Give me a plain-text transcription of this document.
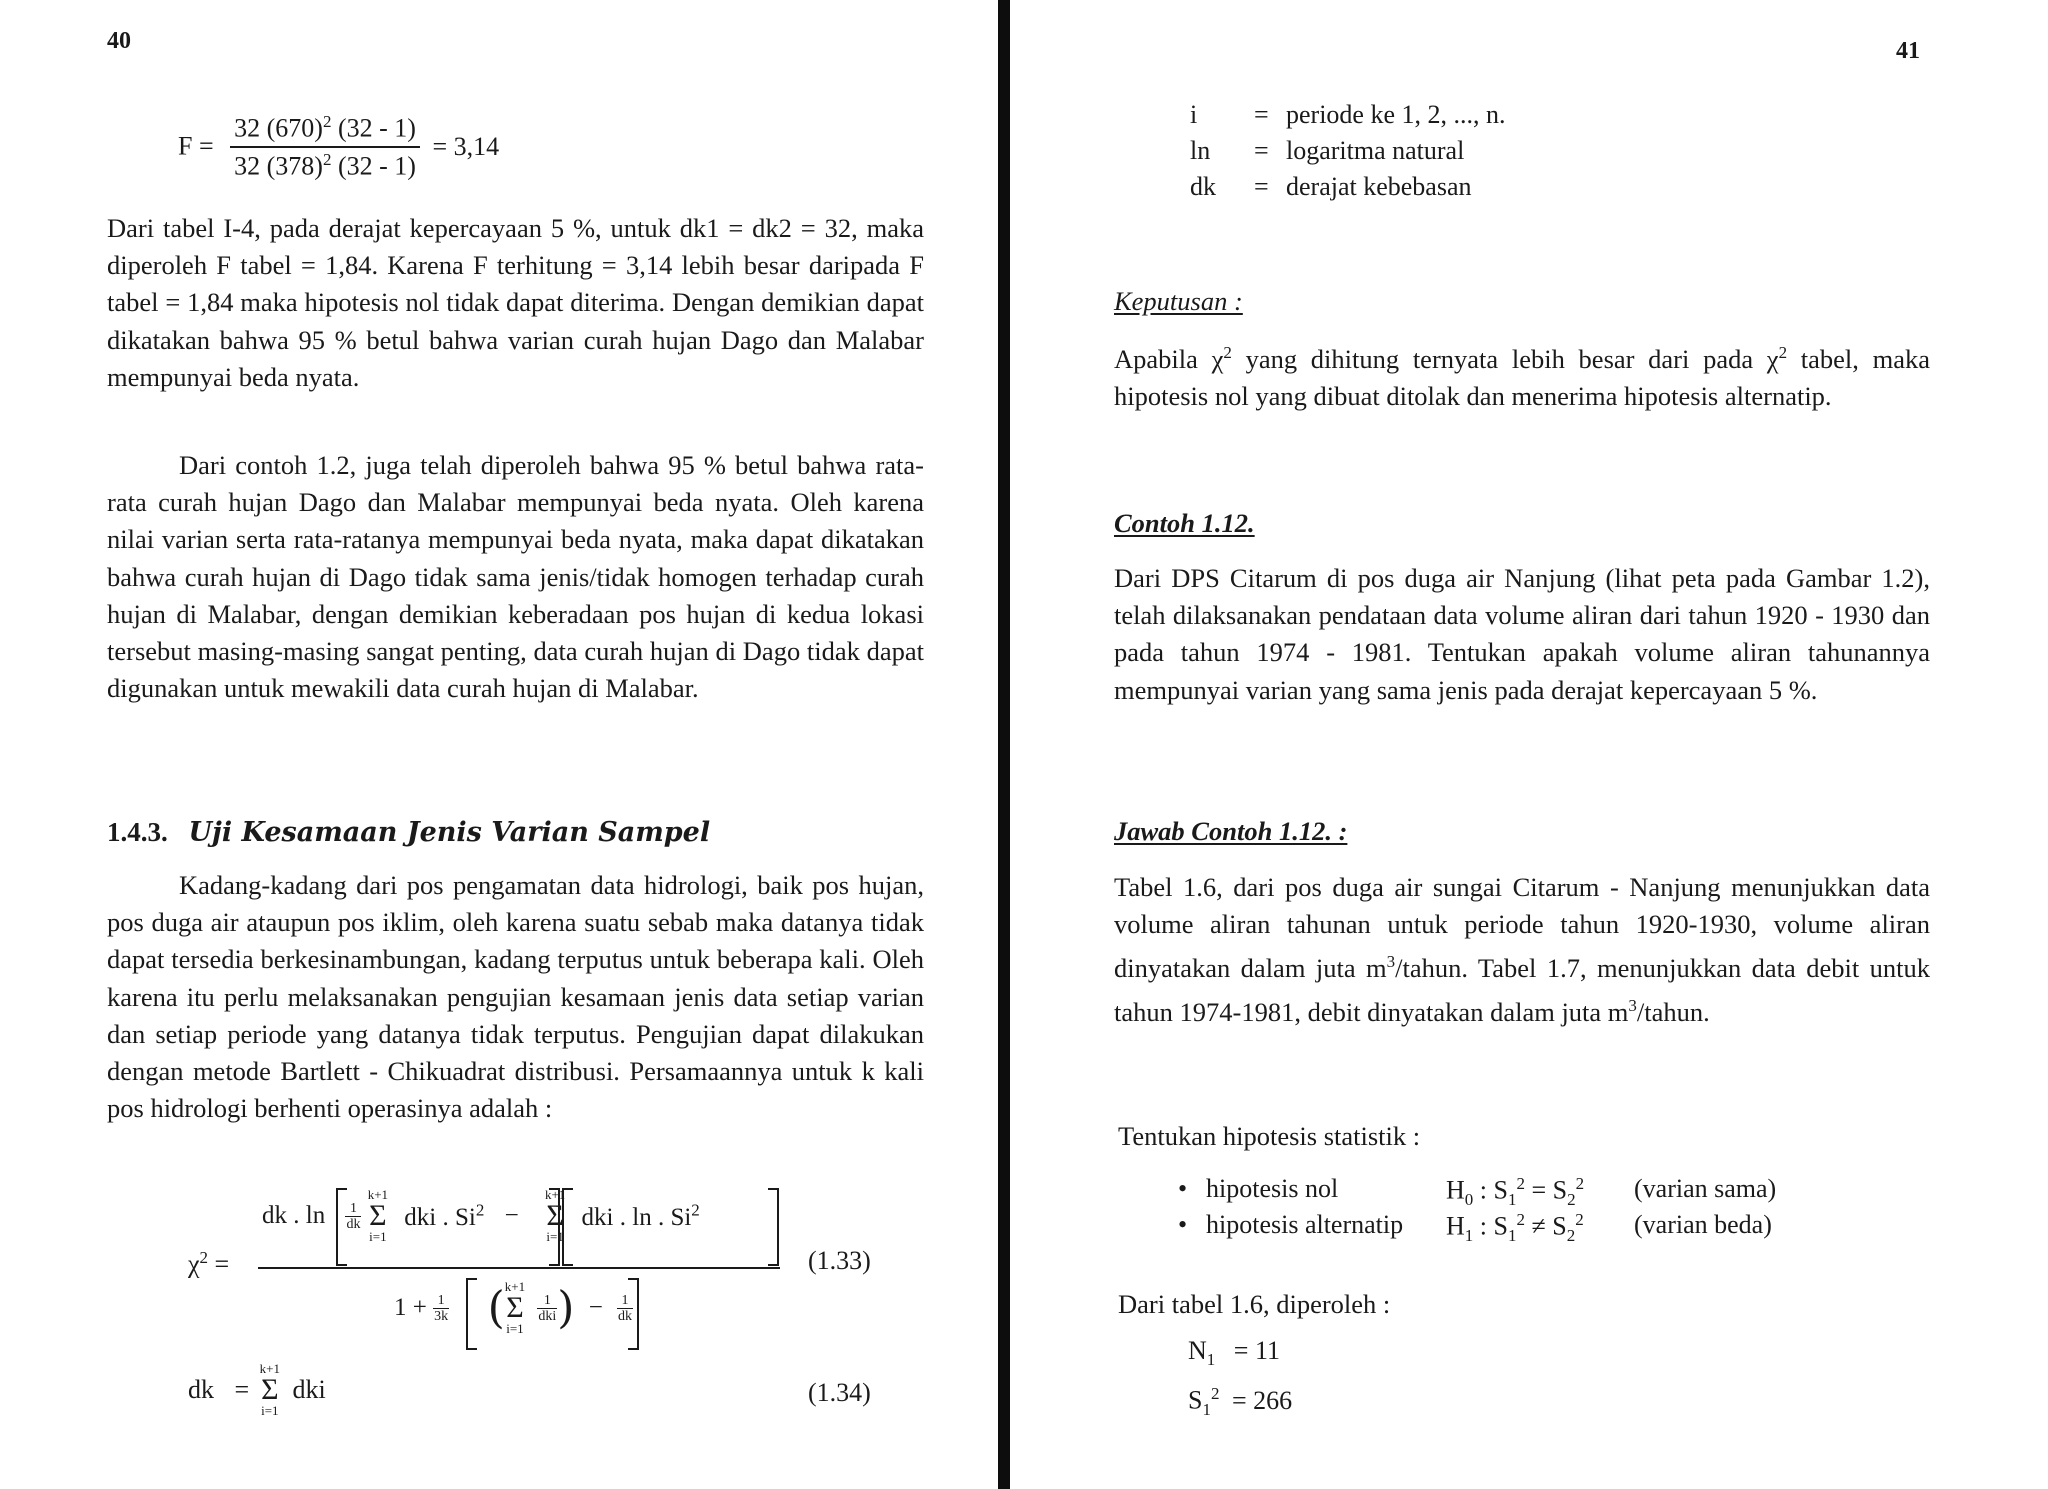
40
$F = \frac{32 (670)^2 (32 - 1)}{32 (378)^2 (32 - 1)} = 3,14$

Dari tabel I-4, pada derajat kepercayaan 5 %, untuk dk1 = dk2 = 32, maka diperoleh F tabel = 1,84. Karena F terhitung = 3,14 lebih besar daripada F tabel = 1,84 maka hipotesis nol tidak dapat diterima. Dengan demikian dapat dikatakan bahwa 95 % betul bahwa varian curah hujan Dago dan Malabar mempunyai beda nyata.

Dari contoh 1.2, juga telah diperoleh bahwa 95 % betul bahwa rata-rata curah hujan Dago dan Malabar mempunyai beda nyata. Oleh karena nilai varian serta rata-ratanya mempunyai beda nyata, maka dapat dikatakan bahwa curah hujan di Dago tidak sama jenis/tidak homogen terhadap curah hujan di Malabar, dengan demikian keberadaan pos hujan di kedua lokasi tersebut masing-masing sangat penting, data curah hujan di Dago tidak dapat digunakan untuk mewakili data curah hujan di Malabar.

1.4.3. Uji Kesamaan Jenis Varian Sampel

Kadang-kadang dari pos pengamatan data hidrologi, baik pos hujan, pos duga air ataupun pos iklim, oleh karena suatu sebab maka datanya tidak dapat tersedia berkesinambungan, kadang terputus untuk beberapa kali. Oleh karena itu perlu melaksanakan pengujian kesamaan jenis data setiap varian dan setiap periode yang datanya tidak terputus. Pengujian dapat dilakukan dengan metode Bartlett - Chikuadrat distribusi. Persamaannya untuk k kali pos hidrologi berhenti operasinya adalah :

$\chi^2$ =
dk . $\ln \frac{1}{dk}$

k+1
Σ
i=1
dki . $Si^2$ −
k+1
Σ
i=1
dki . ln . Si$^2$
$1 + \frac{1}{3k}$ ( k+1
Σ
i=1

$\frac{1}{\text{dki}}$ ) − $\frac{1}{dk}$
(1.33)
dk =
k+1
Σ
i=1
dki	(1.34)
41
i = periode ke 1, 2, ..., n.
ln = logaritma natural
dk = derajat kebebasan
Keputusan :

Apabila $\chi^2$ yang dihitung ternyata lebih besar dari pada $\chi^2$ tabel, maka hipotesis nol yang dibuat ditolak dan menerima hipotesis alternatip.

Contoh 1.12.

Dari DPS Citarum di pos duga air Nanjung (lihat peta pada Gambar 1.2), telah dilaksanakan pendataan data volume aliran dari tahun 1920 - 1930 dan pada tahun 1974 - 1981. Tentukan apakah volume aliran tahunannya mempunyai varian yang sama jenis pada derajat kepercayaan 5 %.

Jawab Contoh 1.12. :

Tabel 1.6, dari pos duga air sungai Citarum - Nanjung menunjukkan data volume aliran tahunan untuk periode tahun 1920-1930, volume aliran dinyatakan dalam juta $m^3$/tahun. Tabel 1.7, menunjukkan data debit untuk tahun 1974-1981, debit dinyatakan dalam juta $m^3$/tahun.

Tentukan hipotesis statistik :
• hipotesis nol	$H_0$ : $S_1^2 = S_2^2$ (varian sama)
• hipotesis alternatip $H_1$ : $S_1^2 \ne S_2^2$ (varian beda)
Dari tabel 1.6, diperoleh :
$N_1 = 11$
$S_1^2 = 266$
